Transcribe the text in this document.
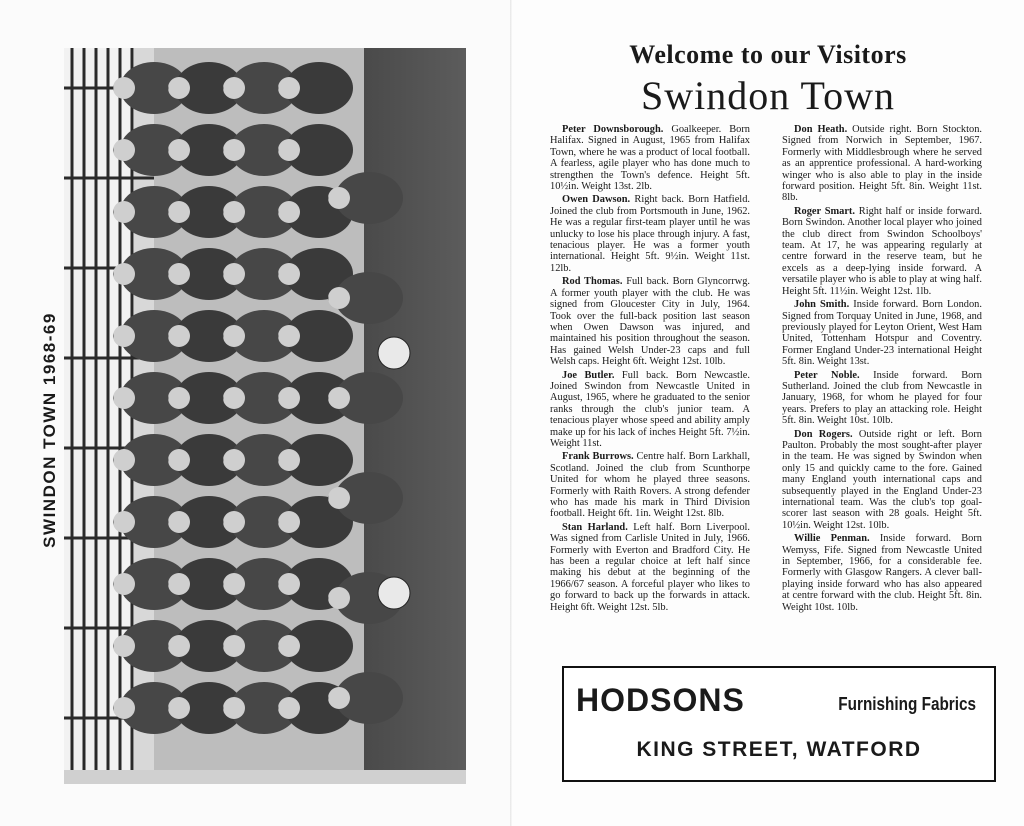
SWINDON TOWN 1968-69
Welcome to our Visitors
Swindon Town

Peter Downsborough. Goalkeeper. Born Halifax. Signed in August, 1965 from Halifax Town, where he was a product of local football. A fearless, agile player who has done much to strengthen the Town's defence. Height 5ft. 10½in. Weight 13st. 2lb.

Owen Dawson. Right back. Born Hatfield. Joined the club from Portsmouth in June, 1962. He was a regular first-team player until he was unlucky to lose his place through injury. A fast, tenacious player. He was a former youth international. Height 5ft. 9½in. Weight 11st. 12lb.

Rod Thomas. Full back. Born Glyncorrwg. A former youth player with the club. He was signed from Gloucester City in July, 1964. Took over the full-back position last season when Owen Dawson was injured, and maintained his position throughout the season. Has gained Welsh Under-23 caps and full Welsh caps. Height 6ft. Weight 12st. 10lb.

Joe Butler. Full back. Born Newcastle. Joined Swindon from Newcastle United in August, 1965, where he graduated to the senior ranks through the club's junior team. A tenacious player whose speed and ability amply make up for his lack of inches Height 5ft. 7½in. Weight 11st.

Frank Burrows. Centre half. Born Larkhall, Scotland. Joined the club from Scunthorpe United for whom he played three seasons. Formerly with Raith Rovers. A strong defender who has made his mark in Third Division football. Height 6ft. 1in. Weight 12st. 8lb.

Stan Harland. Left half. Born Liverpool. Was signed from Carlisle United in July, 1966. Formerly with Everton and Bradford City. He has been a regular choice at left half since making his debut at the beginning of the 1966/67 season. A forceful player who likes to go forward to back up the forwards in attack. Height 6ft. Weight 12st. 5lb.

Don Heath. Outside right. Born Stockton. Signed from Norwich in September, 1967. Formerly with Middlesbrough where he served as an apprentice professional. A hard-working winger who is also able to play in the inside forward position. Height 5ft. 8in. Weight 11st. 8lb.

Roger Smart. Right half or inside forward. Born Swindon. Another local player who joined the club direct from Swindon Schoolboys' team. At 17, he was appearing regularly at centre forward in the reserve team, but he excels as a deep-lying inside forward. A versatile player who is able to play at wing half. Height 5ft. 11½in. Weight 12st. 1lb.

John Smith. Inside forward. Born London. Signed from Torquay United in June, 1968, and previously played for Leyton Orient, West Ham United, Tottenham Hotspur and Coventry. Former England Under-23 international Height 5ft. 8in. Weight 13st.

Peter Noble. Inside forward. Born Sutherland. Joined the club from Newcastle in January, 1968, for whom he played for four years. Prefers to play an attacking role. Height 5ft. 8in. Weight 10st. 10lb.

Don Rogers. Outside right or left. Born Paulton. Probably the most sought-after player in the team. He was signed by Swindon when only 15 and quickly came to the fore. Gained many England youth international caps and subsequently played in the England Under-23 international team. Was the club's top goal-scorer last season with 28 goals. Height 5ft. 10½in. Weight 12st. 10lb.

Willie Penman. Inside forward. Born Wemyss, Fife. Signed from Newcastle United in September, 1966, for a considerable fee. Formerly with Glasgow Rangers. A clever ball-playing inside forward who has also appeared at centre forward with the club. Height 5ft. 8in. Weight 10st. 10lb.

HODSONS	Furnishing Fabrics
KING STREET, WATFORD
